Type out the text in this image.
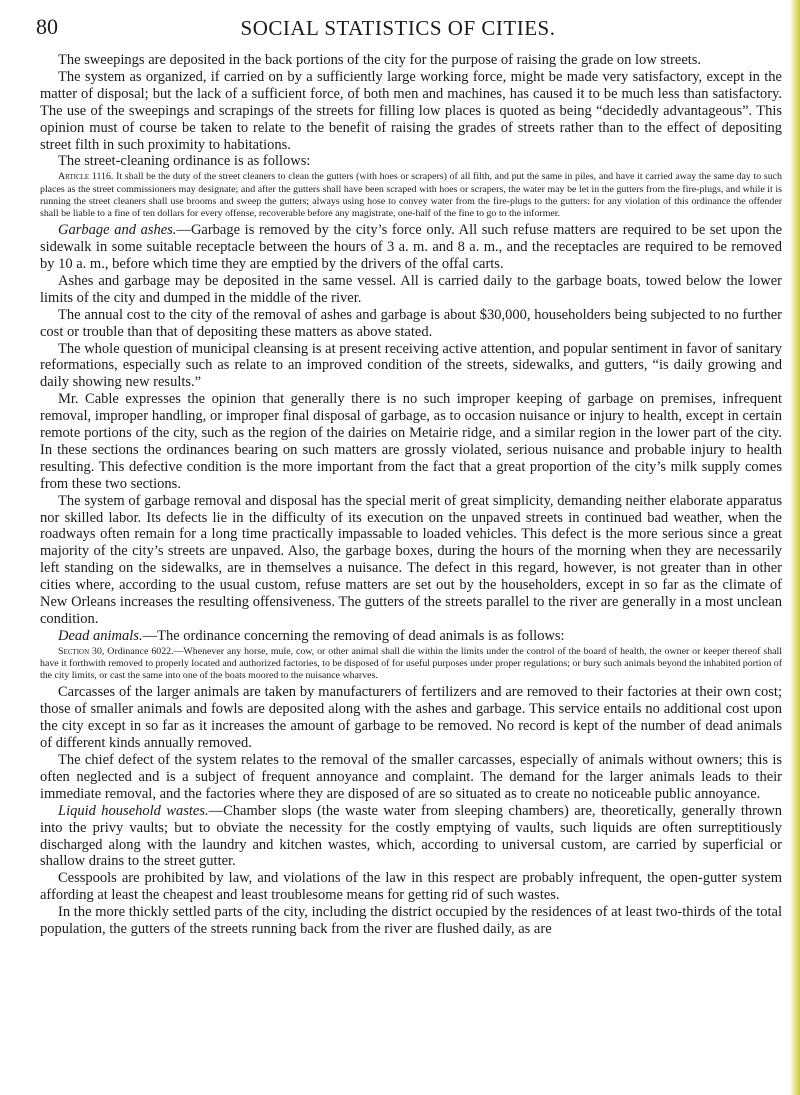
80	SOCIAL STATISTICS OF CITIES.

The sweepings are deposited in the back portions of the city for the purpose of raising the grade on low streets.

The system as organized, if carried on by a sufficiently large working force, might be made very satisfactory, except in the matter of disposal; but the lack of a sufficient force, of both men and machines, has caused it to be much less than satisfactory. The use of the sweepings and scrapings of the streets for filling low places is quoted as being “decidedly advantageous”. This opinion must of course be taken to relate to the benefit of raising the grades of streets rather than to the effect of depositing street filth in such proximity to habitations.

The street-cleaning ordinance is as follows:

Article 1116. It shall be the duty of the street cleaners to clean the gutters (with hoes or scrapers) of all filth, and put the same in piles, and have it carried away the same day to such places as the street commissioners may designate; and after the gutters shall have been scraped with hoes or scrapers, the water may be let in the gutters from the fire-plugs, and while it is running the street cleaners shall use brooms and sweep the gutters; always using hose to convey water from the fire-plugs to the gutters: for any violation of this ordinance the offender shall be liable to a fine of ten dollars for every offense, recoverable before any magistrate, one-half of the fine to go to the informer.

Garbage and ashes.—Garbage is removed by the city’s force only. All such refuse matters are required to be set upon the sidewalk in some suitable receptacle between the hours of 3 a. m. and 8 a. m., and the receptacles are required to be removed by 10 a. m., before which time they are emptied by the drivers of the offal carts.

Ashes and garbage may be deposited in the same vessel. All is carried daily to the garbage boats, towed below the lower limits of the city and dumped in the middle of the river.

The annual cost to the city of the removal of ashes and garbage is about $30,000, householders being subjected to no further cost or trouble than that of depositing these matters as above stated.

The whole question of municipal cleansing is at present receiving active attention, and popular sentiment in favor of sanitary reformations, especially such as relate to an improved condition of the streets, sidewalks, and gutters, “is daily growing and daily showing new results.”

Mr. Cable expresses the opinion that generally there is no such improper keeping of garbage on premises, infrequent removal, improper handling, or improper final disposal of garbage, as to occasion nuisance or injury to health, except in certain remote portions of the city, such as the region of the dairies on Metairie ridge, and a similar region in the lower part of the city. In these sections the ordinances bearing on such matters are grossly violated, serious nuisance and probable injury to health resulting. This defective condition is the more important from the fact that a great proportion of the city’s milk supply comes from these two sections.

The system of garbage removal and disposal has the special merit of great simplicity, demanding neither elaborate apparatus nor skilled labor. Its defects lie in the difficulty of its execution on the unpaved streets in continued bad weather, when the roadways often remain for a long time practically impassable to loaded vehicles. This defect is the more serious since a great majority of the city’s streets are unpaved. Also, the garbage boxes, during the hours of the morning when they are necessarily left standing on the sidewalks, are in themselves a nuisance. The defect in this regard, however, is not greater than in other cities where, according to the usual custom, refuse matters are set out by the householders, except in so far as the climate of New Orleans increases the resulting offensiveness. The gutters of the streets parallel to the river are generally in a most unclean condition.

Dead animals.—The ordinance concerning the removing of dead animals is as follows:

Section 30, Ordinance 6022.—Whenever any horse, mule, cow, or other animal shall die within the limits under the control of the board of health, the owner or keeper thereof shall have it forthwith removed to properly located and authorized factories, to be disposed of for useful purposes under proper regulations; or bury such animals beyond the inhabited portion of the city limits, or cast the same into one of the boats moored to the nuisance wharves.

Carcasses of the larger animals are taken by manufacturers of fertilizers and are removed to their factories at their own cost; those of smaller animals and fowls are deposited along with the ashes and garbage. This service entails no additional cost upon the city except in so far as it increases the amount of garbage to be removed. No record is kept of the number of dead animals of different kinds annually removed.

The chief defect of the system relates to the removal of the smaller carcasses, especially of animals without owners; this is often neglected and is a subject of frequent annoyance and complaint. The demand for the larger animals leads to their immediate removal, and the factories where they are disposed of are so situated as to create no noticeable public annoyance.

Liquid household wastes.—Chamber slops (the waste water from sleeping chambers) are, theoretically, generally thrown into the privy vaults; but to obviate the necessity for the costly emptying of vaults, such liquids are often surreptitiously discharged along with the laundry and kitchen wastes, which, according to universal custom, are carried by superficial or shallow drains to the street gutter.

Cesspools are prohibited by law, and violations of the law in this respect are probably infrequent, the open-gutter system affording at least the cheapest and least troublesome means for getting rid of such wastes.

In the more thickly settled parts of the city, including the district occupied by the residences of at least two-thirds of the total population, the gutters of the streets running back from the river are flushed daily, as are
